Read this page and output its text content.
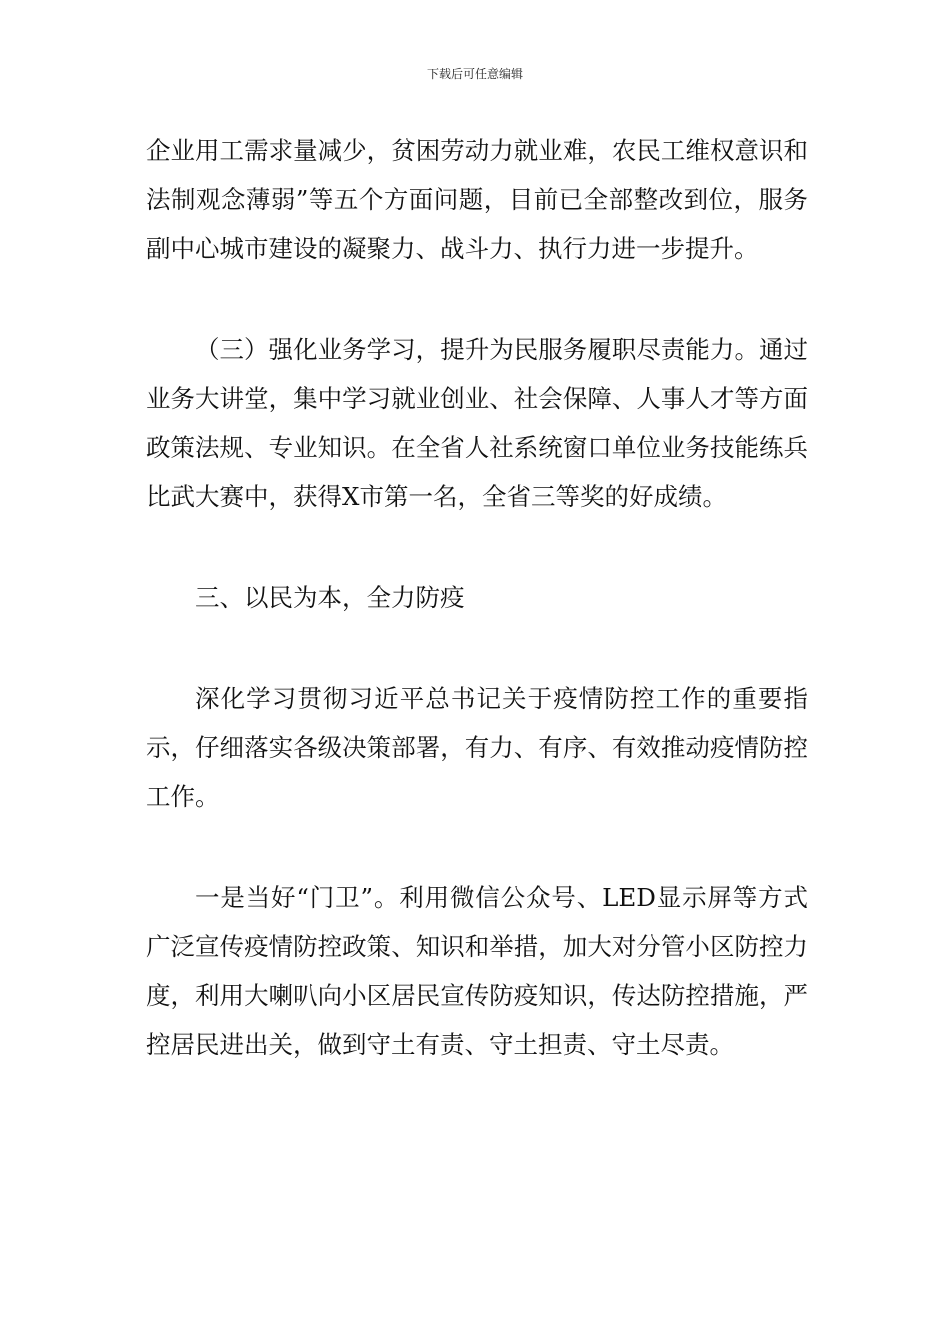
下载后可任意编辑

企业用工需求量减少，贫困劳动力就业难，农民工维权意识和法制观念薄弱”等五个方面问题，目前已全部整改到位，服务副中心城市建设的凝聚力、战斗力、执行力进一步提升。

（三）强化业务学习，提升为民服务履职尽责能力。通过业务大讲堂，集中学习就业创业、社会保障、人事人才等方面政策法规、专业知识。在全省人社系统窗口单位业务技能练兵比武大赛中，获得X市第一名，全省三等奖的好成绩。

三、以民为本，全力防疫

深化学习贯彻习近平总书记关于疫情防控工作的重要指示，仔细落实各级决策部署，有力、有序、有效推动疫情防控工作。

一是当好“门卫”。利用微信公众号、LED显示屏等方式广泛宣传疫情防控政策、知识和举措，加大对分管小区防控力度，利用大喇叭向小区居民宣传防疫知识，传达防控措施，严控居民进出关，做到守土有责、守土担责、守土尽责。
